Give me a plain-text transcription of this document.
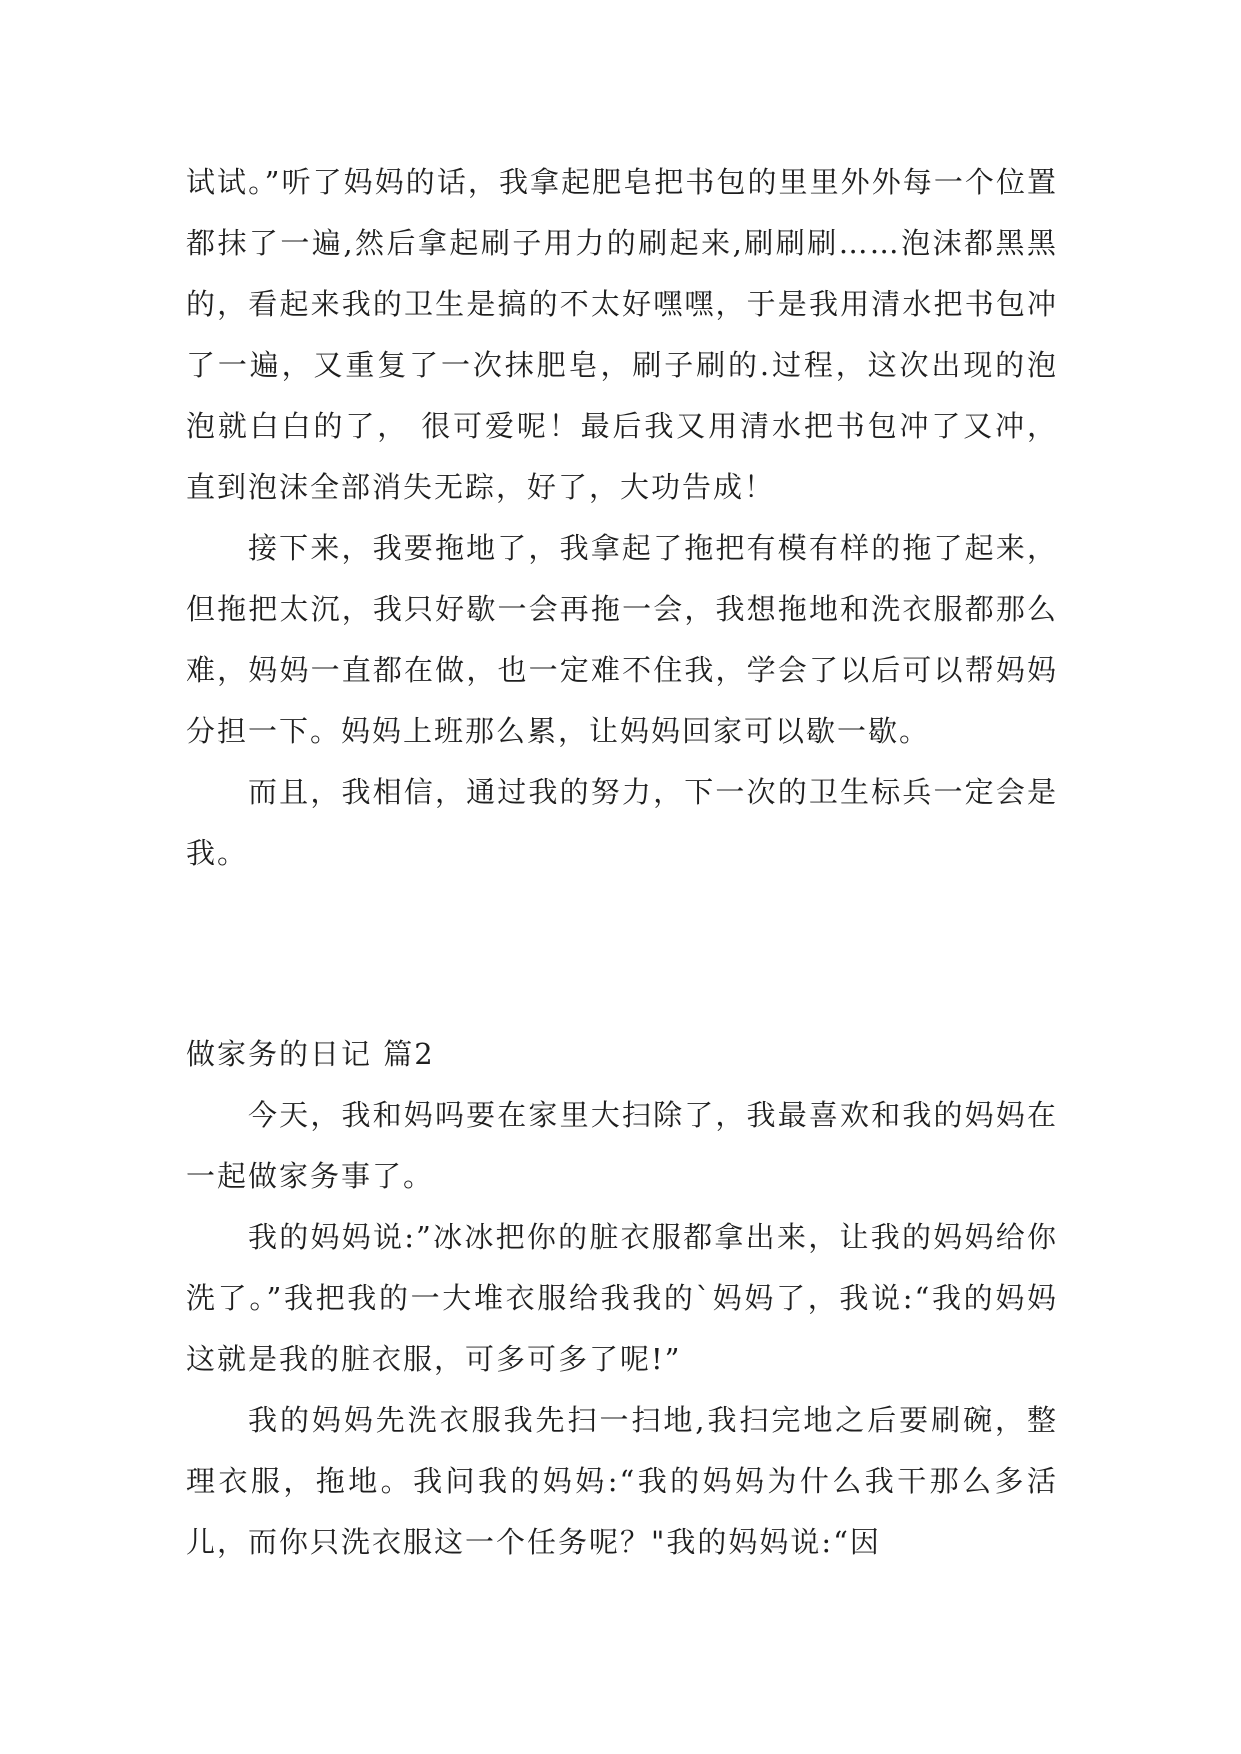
试试。”听了妈妈的话，我拿起肥皂把书包的里里外外每一个位置都抹了一遍,然后拿起刷子用力的刷起来,刷刷刷……泡沫都黑黑的，看起来我的卫生是搞的不太好嘿嘿，于是我用清水把书包冲了一遍，又重复了一次抹肥皂，刷子刷的.过程，这次出现的泡泡就白白的了， 很可爱呢！最后我又用清水把书包冲了又冲，直到泡沫全部消失无踪，好了，大功告成！

接下来，我要拖地了，我拿起了拖把有模有样的拖了起来，但拖把太沉，我只好歇一会再拖一会，我想拖地和洗衣服都那么难，妈妈一直都在做，也一定难不住我，学会了以后可以帮妈妈分担一下。妈妈上班那么累，让妈妈回家可以歇一歇。

而且，我相信，通过我的努力，下一次的卫生标兵一定会是我。

做家务的日记 篇2

今天，我和妈吗要在家里大扫除了，我最喜欢和我的妈妈在一起做家务事了。

我的妈妈说:”冰冰把你的脏衣服都拿出来，让我的妈妈给你洗了。”我把我的一大堆衣服给我我的`妈妈了，我说:“我的妈妈这就是我的脏衣服，可多可多了呢!”

我的妈妈先洗衣服我先扫一扫地,我扫完地之后要刷碗，整理衣服，拖地。我问我的妈妈:“我的妈妈为什么我干那么多活儿，而你只洗衣服这一个任务呢？"我的妈妈说:“因
